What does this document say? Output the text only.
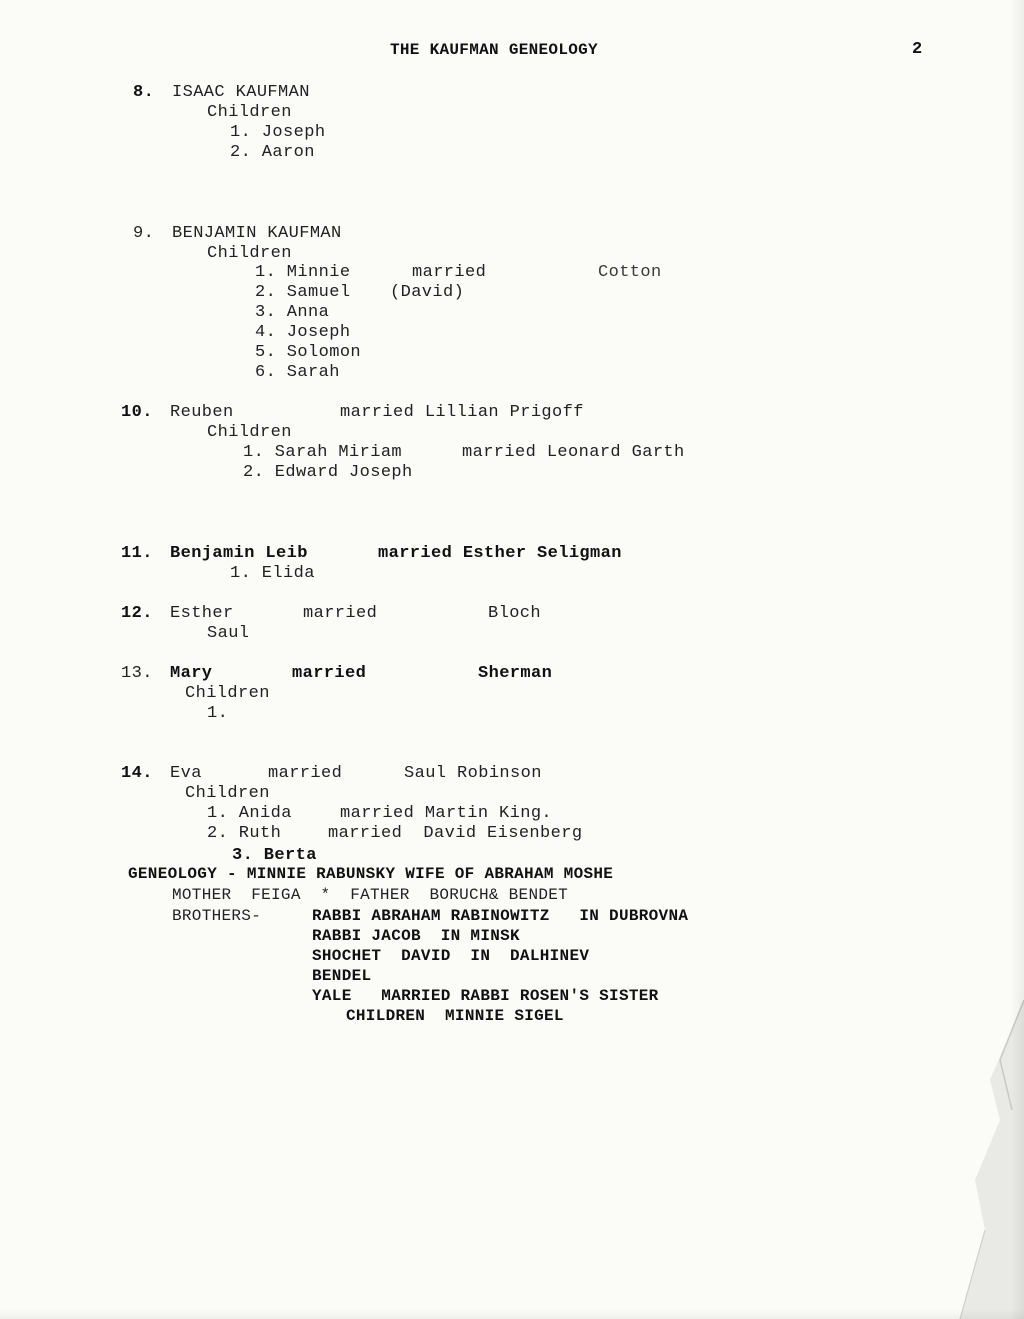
THE KAUFMAN GENEOLOGY	2
8. ISAAC KAUFMAN
Children
1. Joseph
2. Aaron
9. BENJAMIN KAUFMAN
Children
1. Minnie	married	Cotton
2. Samuel (David)
3. Anna
4. Joseph
5. Solomon
6. Sarah
10. Reuben	married Lillian Prigoff
Children
1. Sarah Miriam	married Leonard Garth
2. Edward Joseph
11. Benjamin Leib	married Esther Seligman
1. Elida
12. Esther	married	Bloch
Saul
13. Mary	married	Sherman
Children
1.
14. Eva	married	Saul Robinson
Children
1. Anida	married Martin King.
2. Ruth	married  David Eisenberg
3. Berta
GENEOLOGY - MINNIE RABUNSKY WIFE OF ABRAHAM MOSHE
MOTHER  FEIGA  *  FATHER  BORUCH& BENDET
BROTHERS-	RABBI ABRAHAM RABINOWITZ   IN DUBROVNA
RABBI JACOB  IN MINSK
SHOCHET  DAVID  IN  DALHINEV
BENDEL
YALE   MARRIED RABBI ROSEN'S SISTER
CHILDREN  MINNIE SIGEL
